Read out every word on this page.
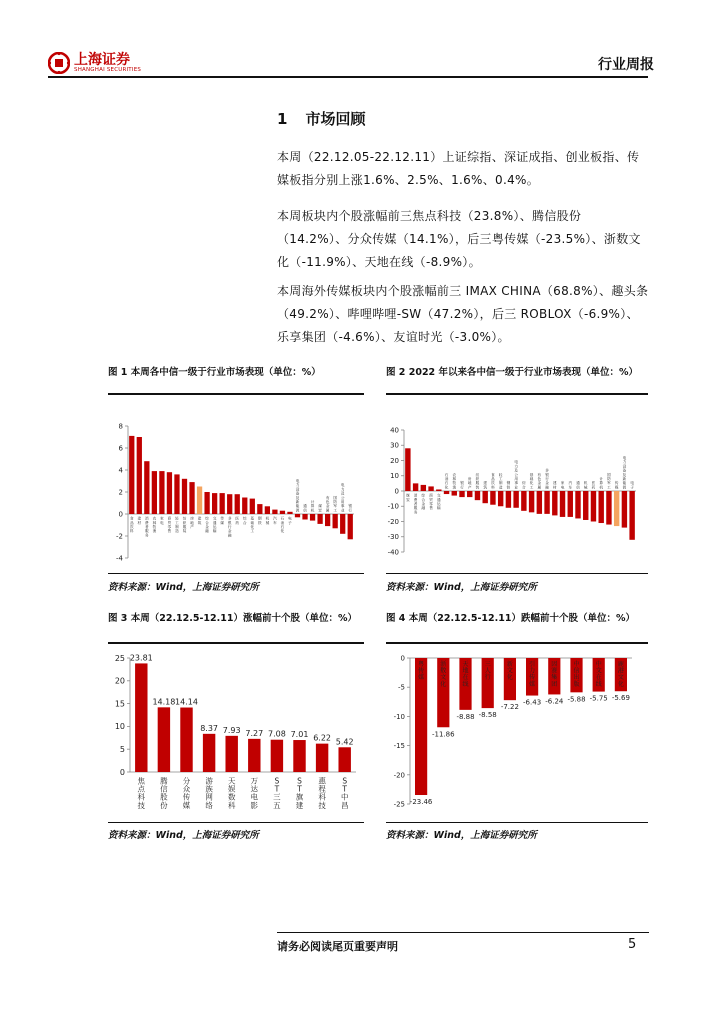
上海证券
SHANGHAI SECURITIES	行业周报
1 市场回顾
本周（22.12.05-22.12.11）上证综指、深证成指、创业板指、传媒板指分别上涨1.6%、2.5%、1.6%、0.4%。
本周板块内个股涨幅前三焦点科技（23.8%）、腾信股份（14.2%）、分众传媒（14.1%），后三粤传媒（-23.5%）、浙数文化（-11.9%）、天地在线（-8.9%）。
本周海外传媒板块内个股涨幅前三 IMAX CHINA（68.8%）、趣头条（49.2%）、哔哩哔哩-SW（47.2%），后三 ROBLOX（-6.9%）、乐享集团（-4.6%）、友谊时光（-3.0%）。
图 1 本周各中信一级于行业市场表现（单位：%）	图 2 2022 年以来各中信一级于行业市场表现（单位：%）
-4
-2
0
2
4
6
8
食
品
饮
料
建
材
消
费
者
服
务
农
林
牧
渔
家
电
商
贸
零
售
轻
工
制
造
纺
织
服
装
房
地
产
建
筑
综
合
金
融
交
通
运
输
传
媒
非
银
行
金
融
医
药
综
合
基
础
化
工
钢
铁
机
械
汽
车
石
油
石
化
电
子
电
力
设
备
及
新
能
源
通
信
计
算
机
煤
炭
有
色
金
属
国
防
军
工
电
力
及
公
用
事
业
银
行
-40
-30
-20
-10
0
10
20
30
40
煤
炭
消
费
者
服
务
综
合
金
融
商
贸
零
售
交
通
运
输
石
油
石
化
农
林
牧
渔
银
行
房
地
产
纺
织
服
装
建
筑
食
品
饮
料
轻
工
制
造
钢
铁
电
力
及
公
用
事
业
综
合
基
础
化
工
有
色
金
属
非
银
行
金
融
建
材
家
电
汽
车
通
信
机
械
医
药
计
算
机
国
防
军
工
传
媒
电
力
设
备
及
新
能
源
电
子
资料来源：Wind，上海证券研究所	资料来源：Wind，上海证券研究所
图 3 本周（22.12.5-12.11）涨幅前十个股（单位：%）	图 4 本周（22.12.5-12.11）跌幅前十个股（单位：%）
0
5
10
15
20
25 23.81
焦
点
科
技
14.18
腾
信
股
份
14.14
分
众
传
媒
8.37
游
族
网
络
7.93
天
娱
数
科
7.27
万
达
电
影
7.08
S
T
三
五
7.01
S
T
旗
建
6.22
惠
程
科
技
5.42
S
T
中
昌
0
-5
-10
-15
-20
-25 -23.46
粤
传
媒
-11.86
浙
数
文
化
-8.88
天
地
在
线
-8.58
三
人
行
-7.22
新
文
化
-6.43
引
力
传
媒
-6.24
因
赛
集
团
-5.88
中
信
出
版
-5.75
中
文
在
线
-5.69
鹿
港
文
化
资料来源：Wind，上海证券研究所	资料来源：Wind，上海证券研究所
请务必阅读尾页重要声明	5
